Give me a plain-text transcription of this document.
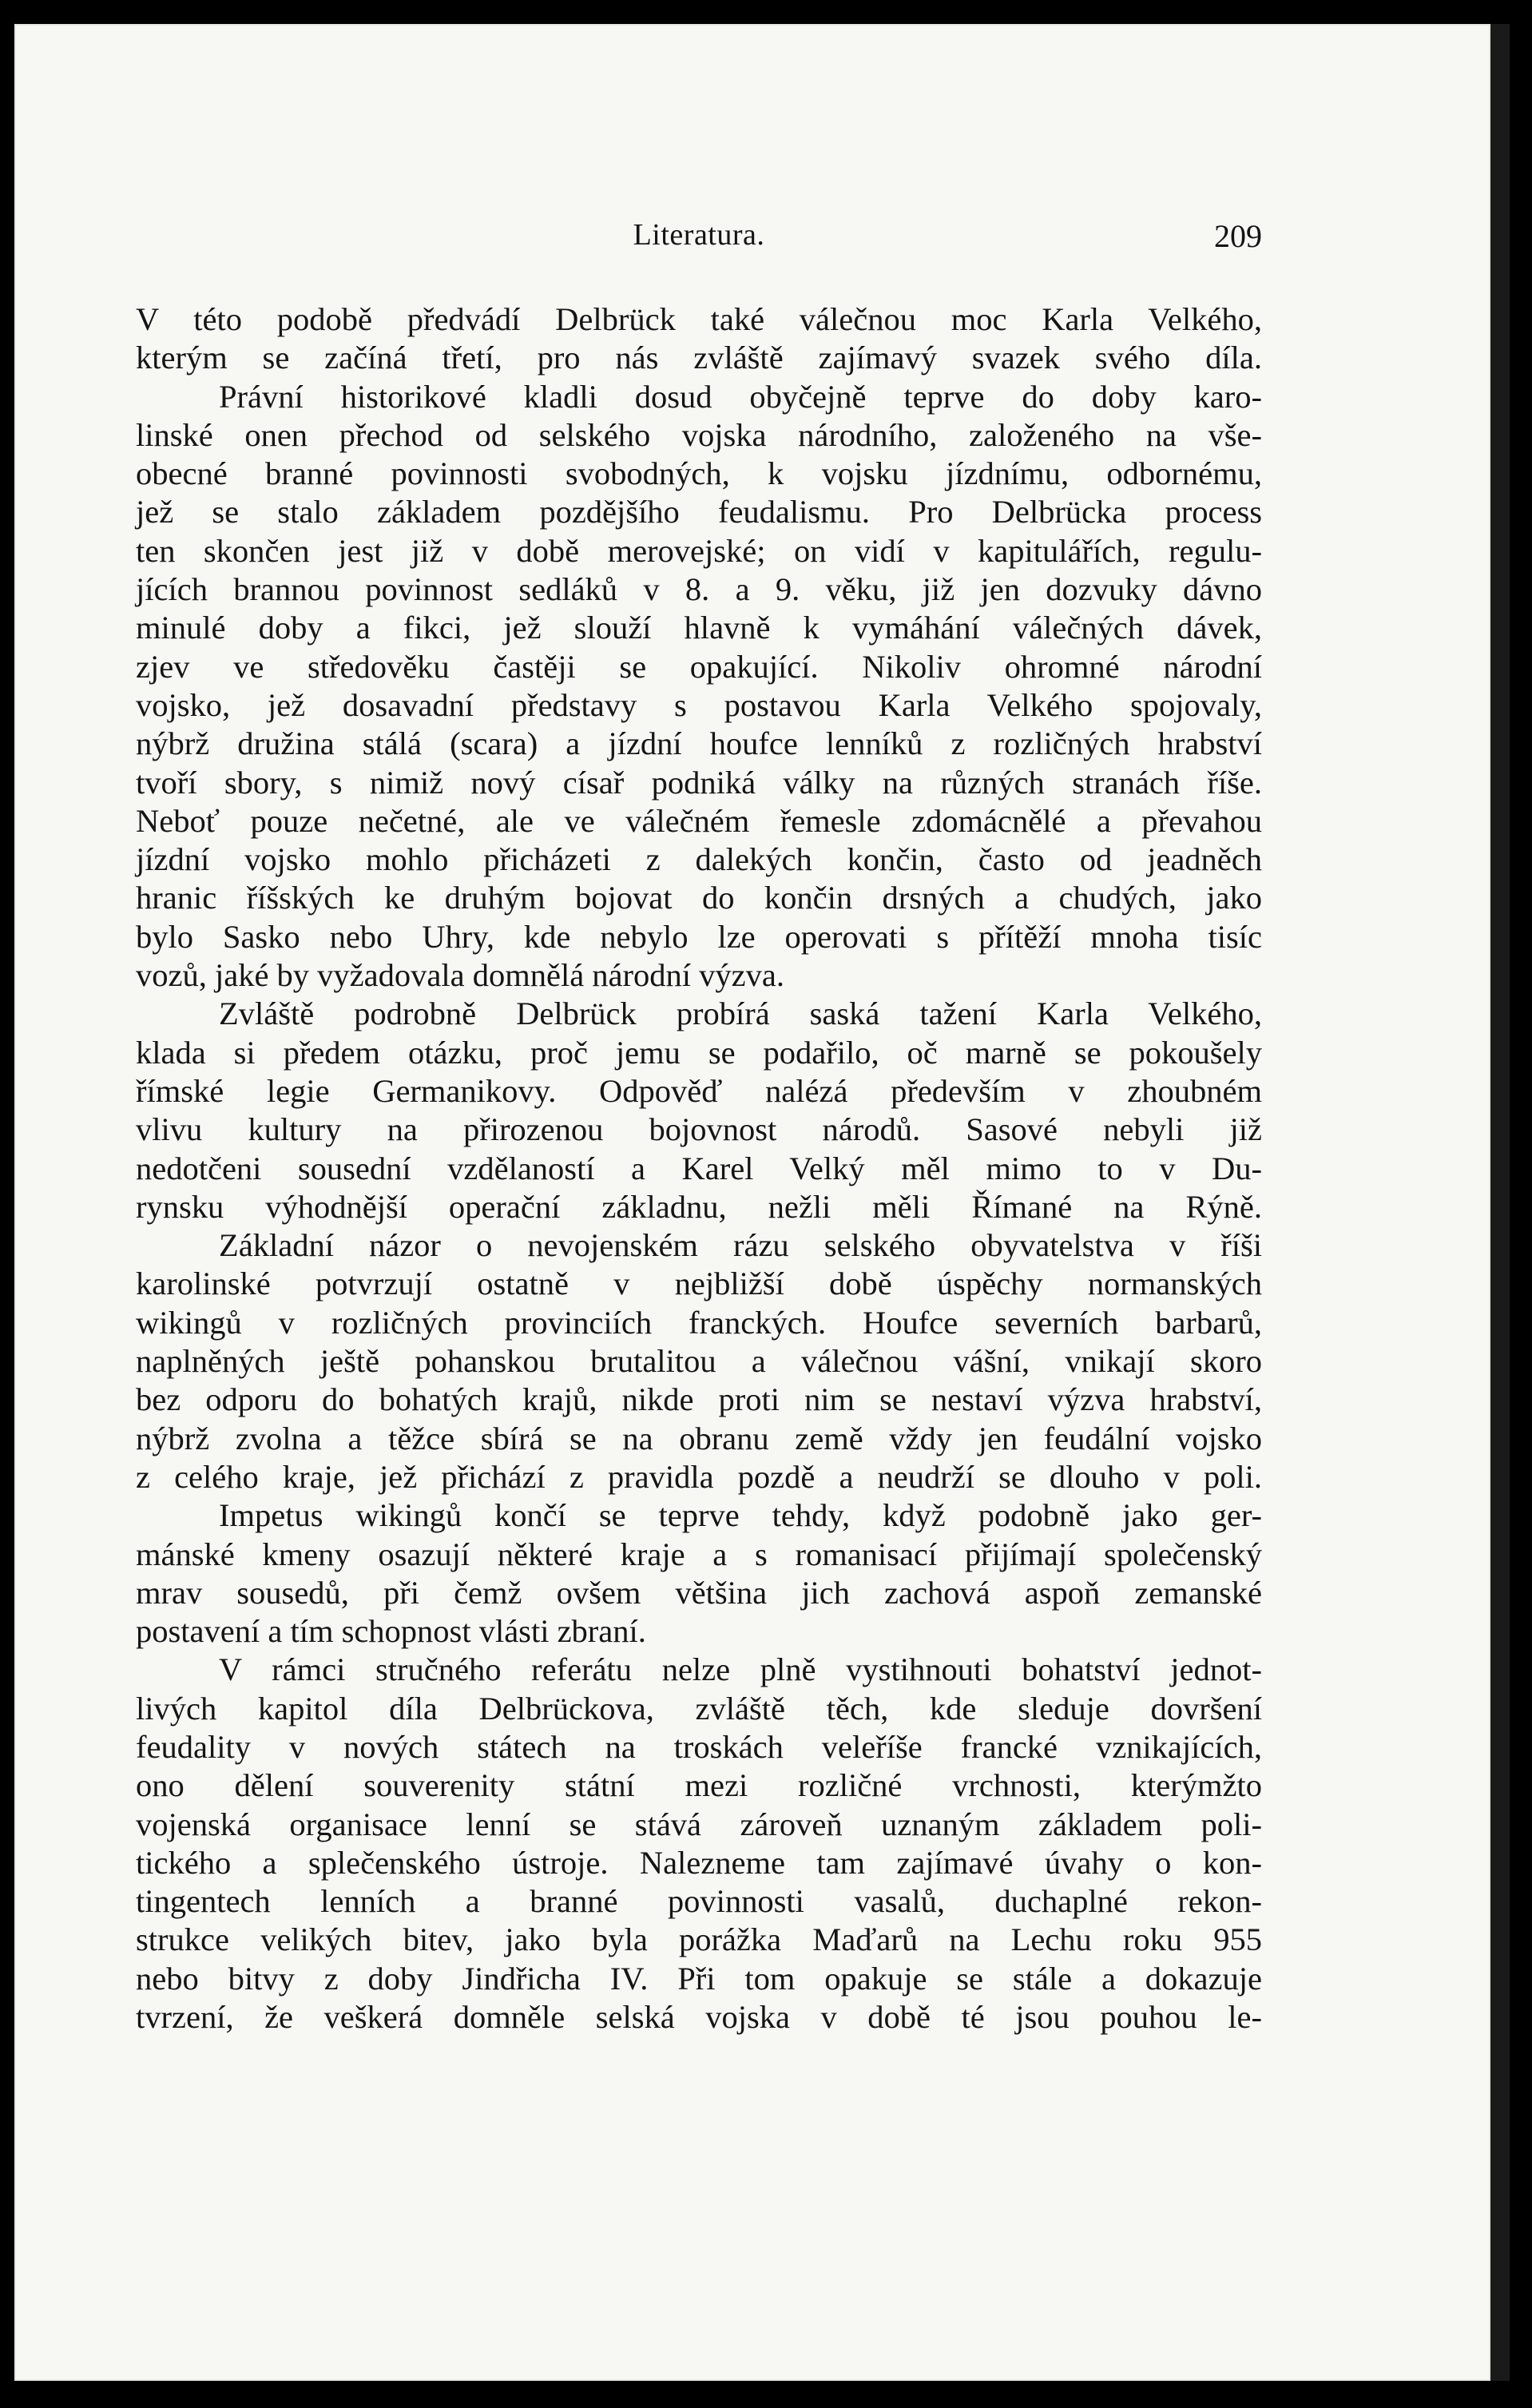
Literatura.	209
V této podobě předvádí Delbrück také válečnou moc Karla Velkého,
kterým se začíná třetí, pro nás zvláště zajímavý svazek svého díla.
Právní historikové kladli dosud obyčejně teprve do doby karo-
linské onen přechod od selského vojska národního, založeného na vše-
obecné branné povinnosti svobodných, k vojsku jízdnímu, odbornému,
jež se stalo základem pozdějšího feudalismu. Pro Delbrücka process
ten skončen jest již v době merovejské; on vidí v kapitulářích, regulu-
jících brannou povinnost sedláků v 8. a 9. věku, již jen dozvuky dávno
minulé doby a fikci, jež slouží hlavně k vymáhání válečných dávek,
zjev ve středověku častěji se opakující. Nikoliv ohromné národní
vojsko, jež dosavadní představy s postavou Karla Velkého spojovaly,
nýbrž družina stálá (scara) a jízdní houfce lenníků z rozličných hrabství
tvoří sbory, s nimiž nový císař podniká války na různých stranách říše.
Neboť pouze nečetné, ale ve válečném řemesle zdomácnělé a převahou
jízdní vojsko mohlo přicházeti z dalekých končin, často od jeadněch
hranic říšských ke druhým bojovat do končin drsných a chudých, jako
bylo Sasko nebo Uhry, kde nebylo lze operovati s přítěží mnoha tisíc
vozů, jaké by vyžadovala domnělá národní výzva.
Zvláště podrobně Delbrück probírá saská tažení Karla Velkého,
klada si předem otázku, proč jemu se podařilo, oč marně se pokoušely
římské legie Germanikovy. Odpověď nalézá především v zhoubném
vlivu kultury na přirozenou bojovnost národů. Sasové nebyli již
nedotčeni sousední vzdělaností a Karel Velký měl mimo to v Du-
rynsku výhodnější operační základnu, nežli měli Římané na Rýně.
Základní názor o nevojenském rázu selského obyvatelstva v říši
karolinské potvrzují ostatně v nejbližší době úspěchy normanských
wikingů v rozličných provinciích franckých. Houfce severních barbarů,
naplněných ještě pohanskou brutalitou a válečnou vášní, vnikají skoro
bez odporu do bohatých krajů, nikde proti nim se nestaví výzva hrabství,
nýbrž zvolna a těžce sbírá se na obranu země vždy jen feudální vojsko
z celého kraje, jež přichází z pravidla pozdě a neudrží se dlouho v poli.
Impetus wikingů končí se teprve tehdy, když podobně jako ger-
mánské kmeny osazují některé kraje a s romanisací přijímají společenský
mrav sousedů, při čemž ovšem většina jich zachová aspoň zemanské
postavení a tím schopnost vlásti zbraní.
V rámci stručného referátu nelze plně vystihnouti bohatství jednot-
livých kapitol díla Delbrückova, zvláště těch, kde sleduje dovršení
feudality v nových státech na troskách veleříše francké vznikajících,
ono dělení souverenity státní mezi rozličné vrchnosti, kterýmžto
vojenská organisace lenní se stává zároveň uznaným základem poli-
tického a splečenského ústroje. Nalezneme tam zajímavé úvahy o kon-
tingentech lenních a branné povinnosti vasalů, duchaplné rekon-
strukce velikých bitev, jako byla porážka Maďarů na Lechu roku 955
nebo bitvy z doby Jindřicha IV. Při tom opakuje se stále a dokazuje
tvrzení, že veškerá domněle selská vojska v době té jsou pouhou le-
